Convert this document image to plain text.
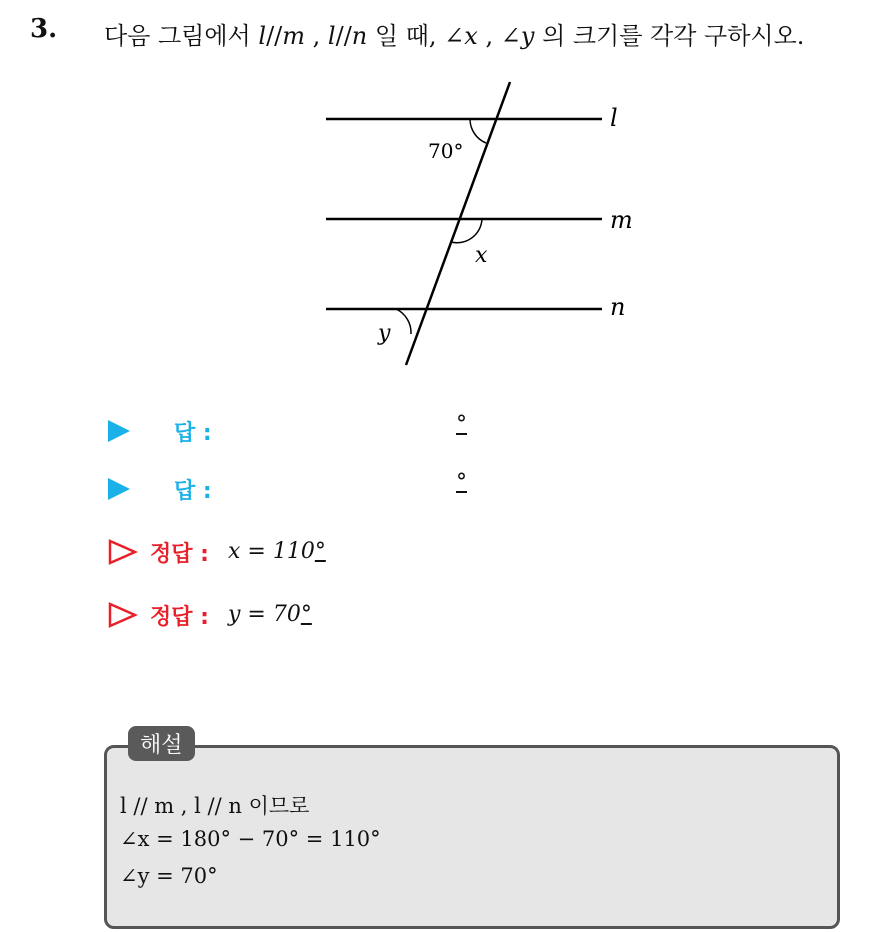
3. 다음 그림에서 l//m , l//n 일 때, ∠x , ∠y 의 크기를 각각 구하시오.
l
m
n
70°
x
y
답 :	°
답 :	°
정답 : x = 110°
정답 : y = 70°
해설
l // m , l // n 이므로
∠x = 180° − 70° = 110°
∠y = 70°
